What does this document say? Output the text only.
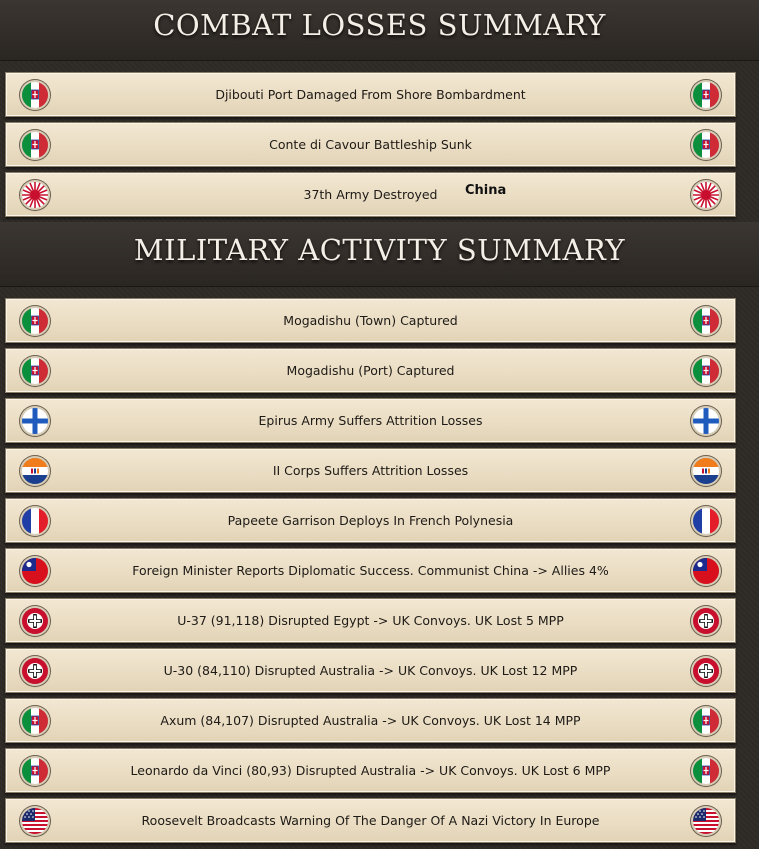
COMBAT LOSSES SUMMARY
MILITARY ACTIVITY SUMMARY
Djibouti Port Damaged From Shore Bombardment
Conte di Cavour Battleship Sunk
37th Army Destroyed
Mogadishu (Town) Captured
Mogadishu (Port) Captured
Epirus Army Suffers Attrition Losses
II Corps Suffers Attrition Losses
Papeete Garrison Deploys In French Polynesia
Foreign Minister Reports Diplomatic Success. Communist China -> Allies 4%
U-37 (91,118) Disrupted Egypt -> UK Convoys. UK Lost 5 MPP
U-30 (84,110) Disrupted Australia -> UK Convoys. UK Lost 12 MPP
Axum (84,107) Disrupted Australia -> UK Convoys. UK Lost 14 MPP
Leonardo da Vinci (80,93) Disrupted Australia -> UK Convoys. UK Lost 6 MPP
Roosevelt Broadcasts Warning Of The Danger Of A Nazi Victory In Europe
China
